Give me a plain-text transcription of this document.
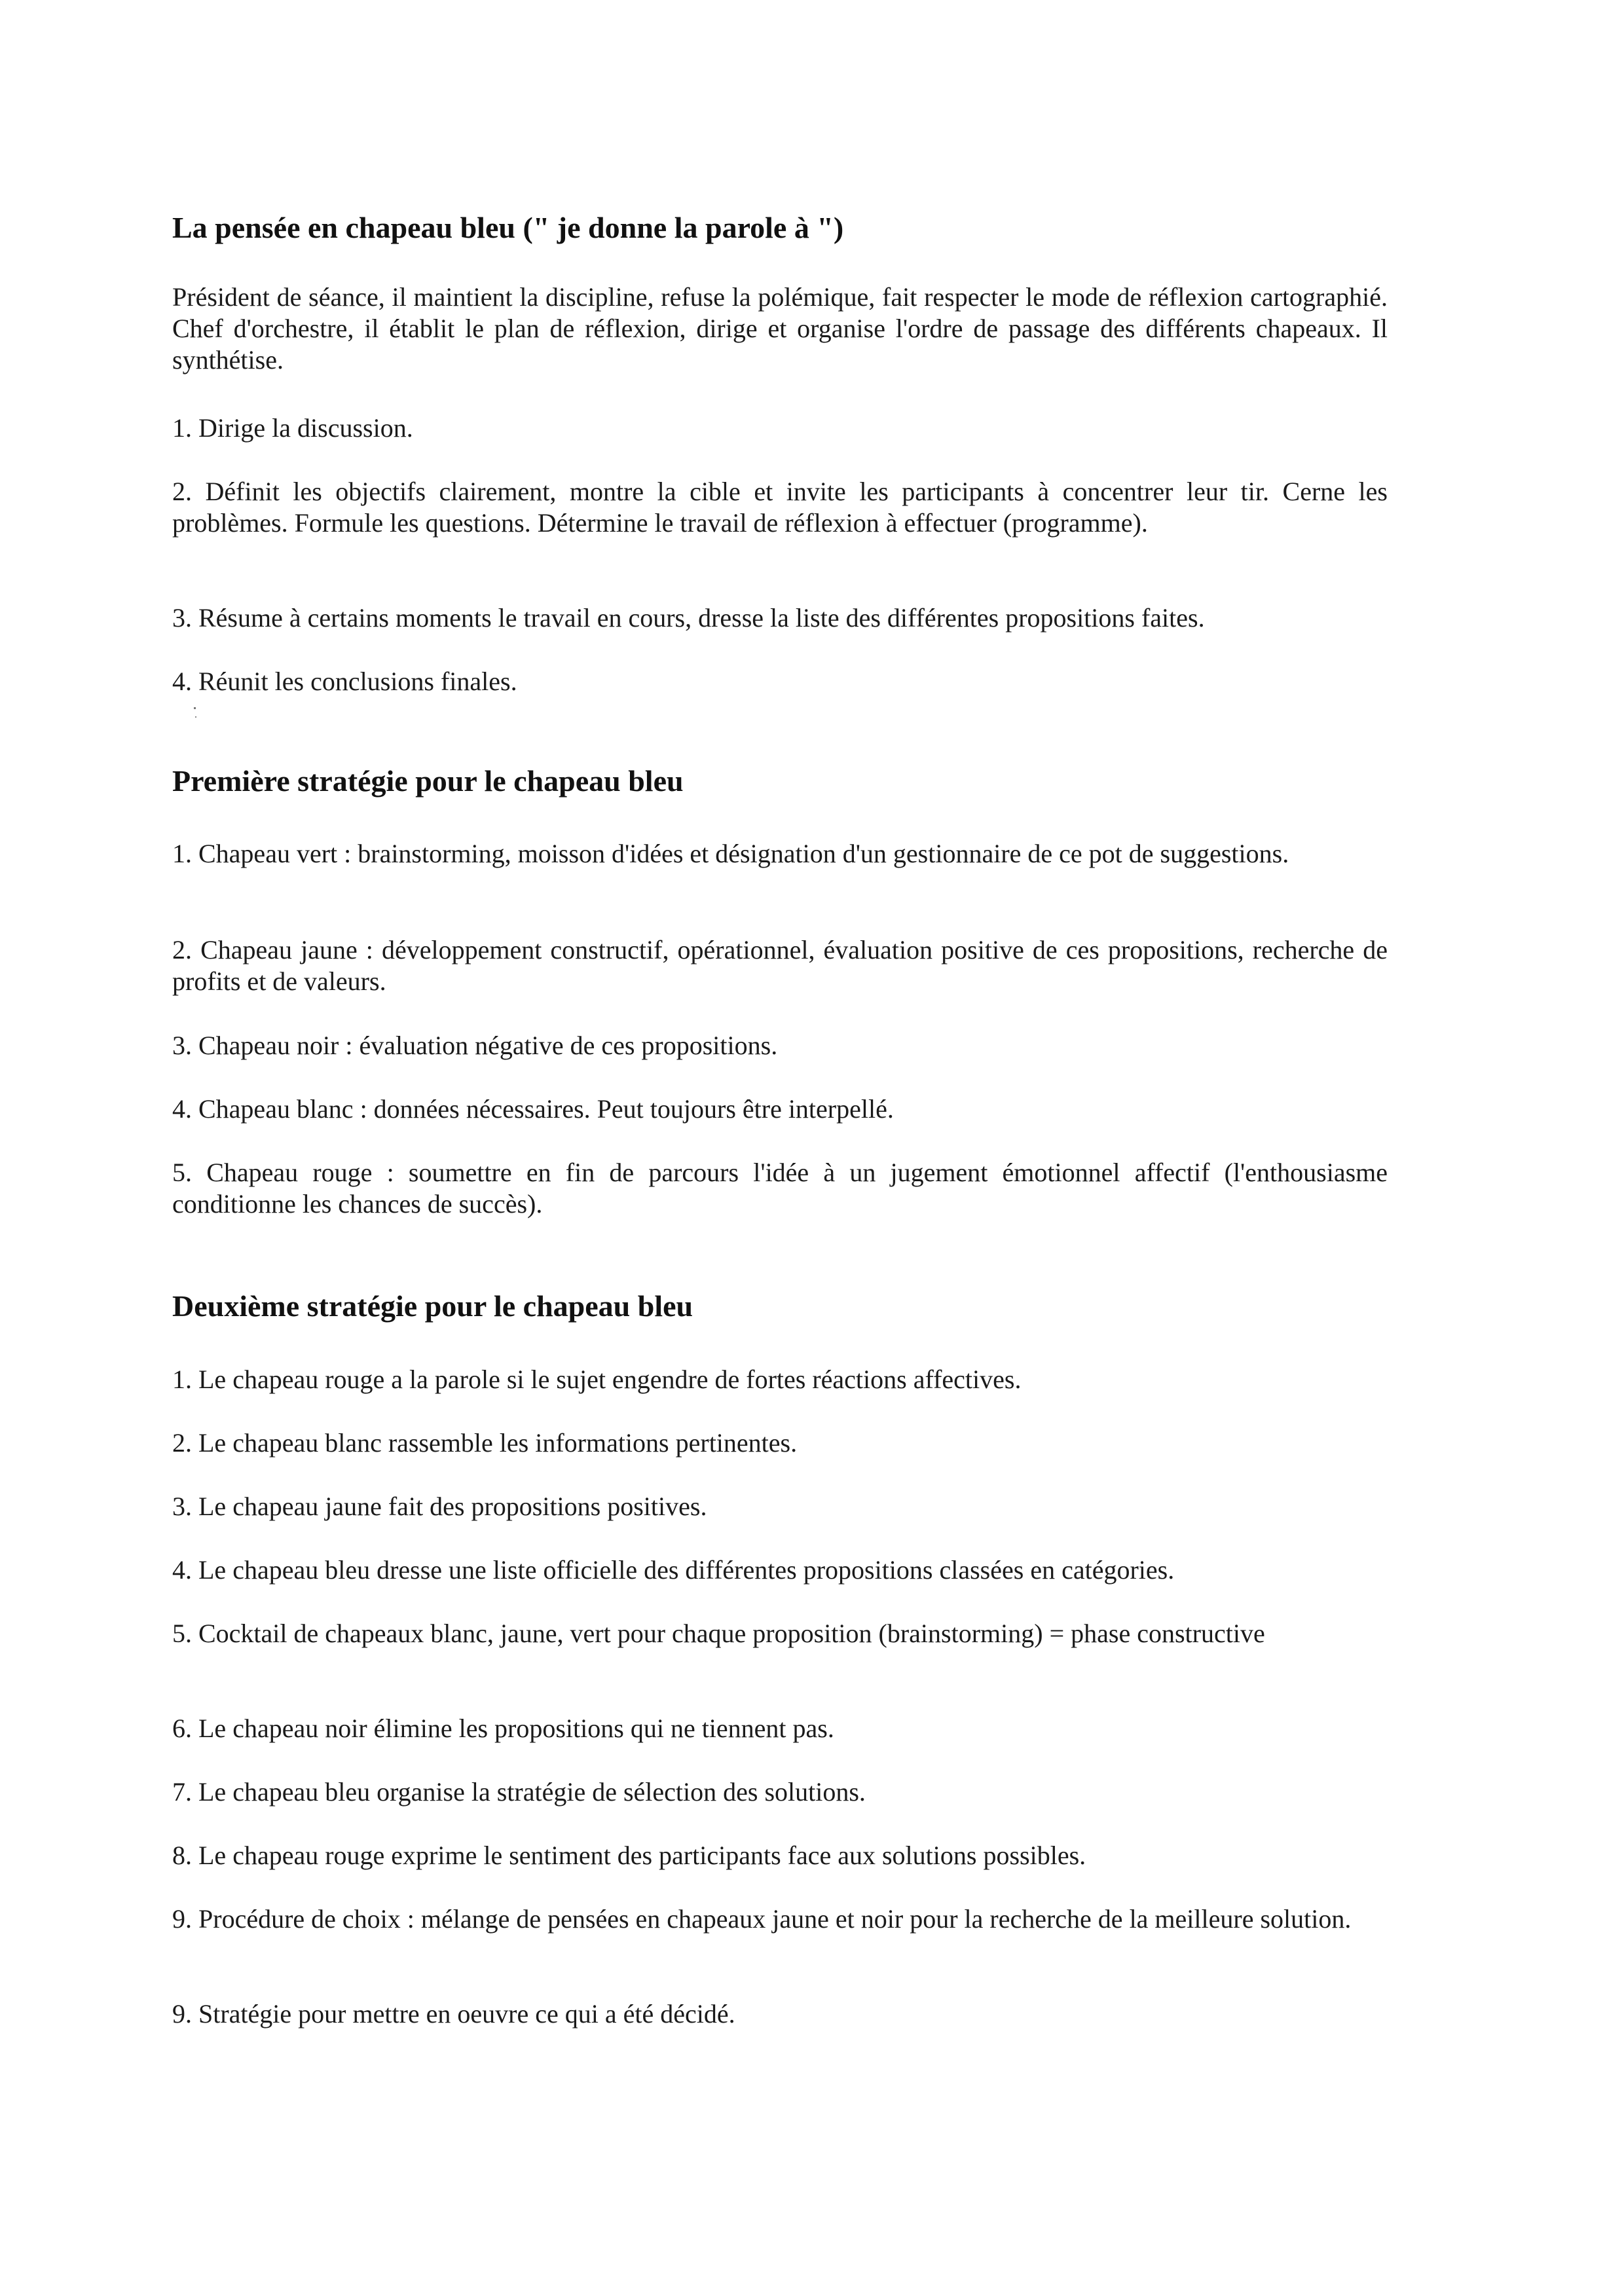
La pensée en chapeau bleu (" je donne la parole à ")

Président de séance, il maintient la discipline, refuse la polémique, fait respecter le mode de réflexion cartographié. Chef d'orchestre, il établit le plan de réflexion, dirige et organise l'ordre de passage des différents chapeaux. Il synthétise.

1. Dirige la discussion.

2. Définit les objectifs clairement, montre la cible et invite les participants à concentrer leur tir. Cerne les problèmes. Formule les questions. Détermine le travail de réflexion à effectuer (programme).

3. Résume à certains moments le travail en cours, dresse la liste des différentes propositions faites.

4. Réunit les conclusions finales.

Première stratégie pour le chapeau bleu

1. Chapeau vert : brainstorming, moisson d'idées et désignation d'un gestionnaire de ce pot de suggestions.

2. Chapeau jaune : développement constructif, opérationnel, évaluation positive de ces propositions, recherche de profits et de valeurs.

3. Chapeau noir : évaluation négative de ces propositions.

4. Chapeau blanc : données nécessaires. Peut toujours être interpellé.

5. Chapeau rouge : soumettre en fin de parcours l'idée à un jugement émotionnel affectif (l'enthousiasme conditionne les chances de succès).

Deuxième stratégie pour le chapeau bleu

1. Le chapeau rouge a la parole si le sujet engendre de fortes réactions affectives.

2. Le chapeau blanc rassemble les informations pertinentes.

3. Le chapeau jaune fait des propositions positives.

4. Le chapeau bleu dresse une liste officielle des différentes propositions classées en catégories.

5. Cocktail de chapeaux blanc, jaune, vert pour chaque proposition (brainstorming) = phase constructive

6. Le chapeau noir élimine les propositions qui ne tiennent pas.

7. Le chapeau bleu organise la stratégie de sélection des solutions.

8. Le chapeau rouge exprime le sentiment des participants face aux solutions possibles.

9. Procédure de choix : mélange de pensées en chapeaux jaune et noir pour la recherche de la meilleure solution.

9. Stratégie pour mettre en oeuvre ce qui a été décidé.
